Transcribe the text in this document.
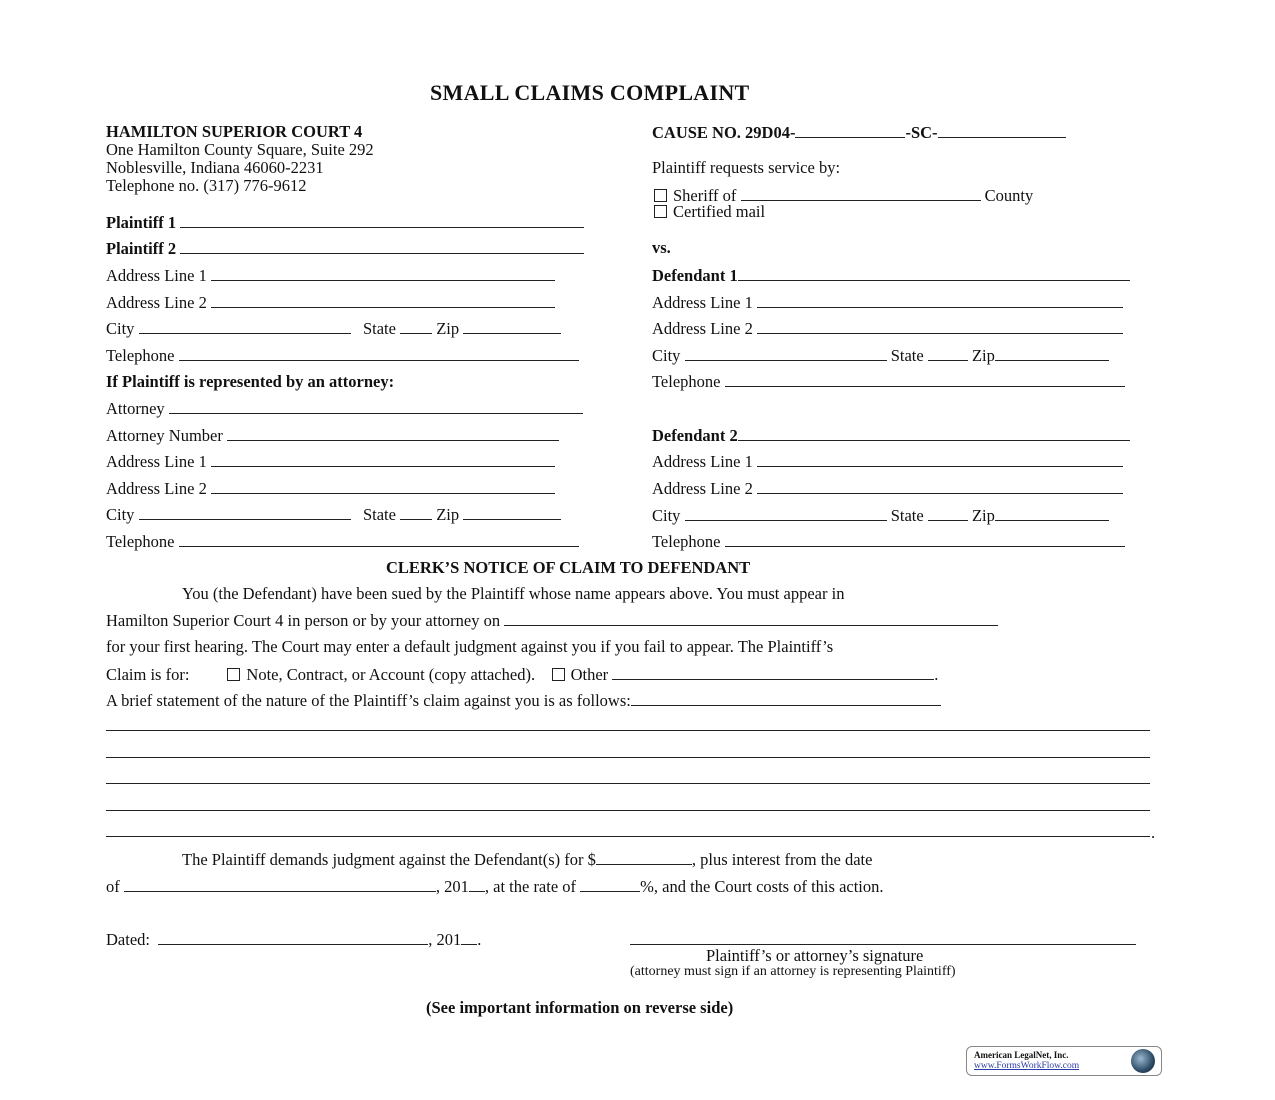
SMALL CLAIMS COMPLAINT
HAMILTON SUPERIOR COURT 4
One Hamilton County Square, Suite 292
Noblesville, Indiana 46060-2231
Telephone no. (317) 776-9612
CAUSE NO. 29D04-	-SC-
Plaintiff requests service by:
Sheriff of	County
Certified mail
vs.
Plaintiff 1
Plaintiff 2
Address Line 1
Address Line 2
City	State Zip
Telephone
If Plaintiff is represented by an attorney:
Attorney
Attorney Number
Address Line 1
Address Line 2
City	State Zip
Telephone
Defendant 1
Address Line 1
Address Line 2
City	State	Zip
Telephone
Defendant 2
Address Line 1
Address Line 2
City	State	Zip
Telephone
CLERK’S NOTICE OF CLAIM TO DEFENDANT
You (the Defendant) have been sued by the Plaintiff whose name appears above. You must appear in
Hamilton Superior Court 4 in person or by your attorney on
for your first hearing. The Court may enter a default judgment against you if you fail to appear. The Plaintiff’s
Claim is for:	Note, Contract, or Account (copy attached). Other	.
A brief statement of the nature of the Plaintiff’s claim against you is as follows:
.
The Plaintiff demands judgment against the Defendant(s) for $	, plus interest from the date
of	, 201 , at the rate of	%, and the Court costs of this action.
Dated:	, 201 .
Plaintiff’s or attorney’s signature
(attorney must sign if an attorney is representing Plaintiff)
(See important information on reverse side)
American LegalNet, Inc.
www.FormsWorkFlow.com
